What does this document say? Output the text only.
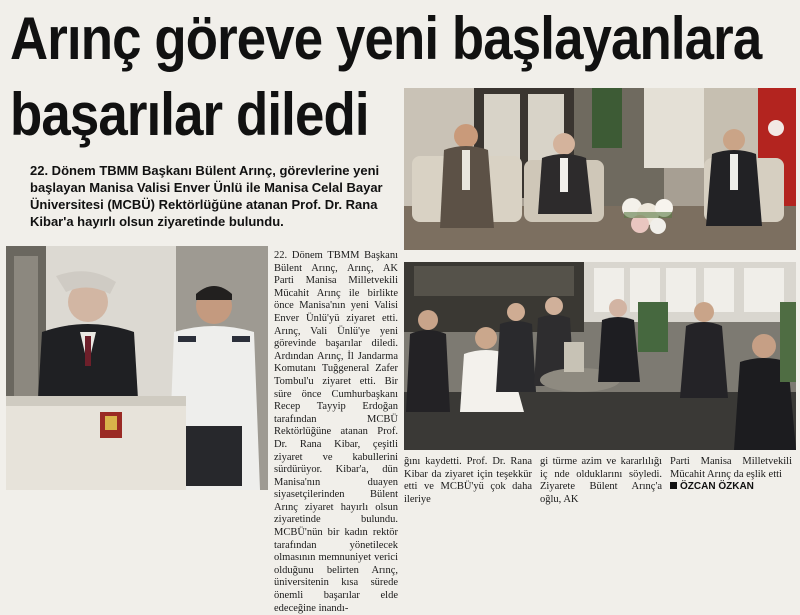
Arınç göreve yeni başlayanlara
başarılar diledi

22. Dönem TBMM Başkanı Bülent Arınç, görevlerine yeni başlayan Manisa Valisi Enver Ünlü ile Manisa Celal Bayar Üniversitesi (MCBÜ) Rektörlüğüne atanan Prof. Dr. Rana Kibar'a hayırlı olsun ziyaretinde bulundu.

22. Dönem TBMM Başkanı Bülent Arınç, Arınç, AK Parti Manisa Milletvekili Mücahit Arınç ile birlikte önce Manisa'nın yeni Valisi Enver Ünlü'yü ziyaret etti. Arınç, Vali Ünlü'ye yeni görevinde başarılar diledi. Ardından Arınç, İl Jandarma Komutanı Tuğgeneral Zafer Tombul'u ziyaret etti. Bir süre önce Cumhurbaşkanı Recep Tayyip Erdoğan tarafından MCBÜ Rektörlüğüne atanan Prof. Dr. Rana Kibar, çeşitli ziyaret ve kabullerini sürdürüyor. Kibar'a, dün Manisa'nın duayen siyasetçilerinden Bülent Arınç ziyaret hayırlı olsun ziyaretinde bulundu. MCBÜ'nün bir kadın rektör tarafından yönetilecek olmasının memnuniyet verici olduğunu belirten Arınç, üniversitenin kısa sürede önemli başarılar elde edeceğine inandı-

ğını kaydetti. Prof. Dr. Rana Kibar da ziyaret için teşekkür etti ve MCBÜ'yü çok daha ileriye

gi türme azim ve kararlılığı iç nde olduklarını söyledi. Ziyarete Bülent Arınç'a oğlu, AK

Parti Manisa Milletvekili Mücahit Arınç da eşlik etti

ÖZCAN ÖZKAN
